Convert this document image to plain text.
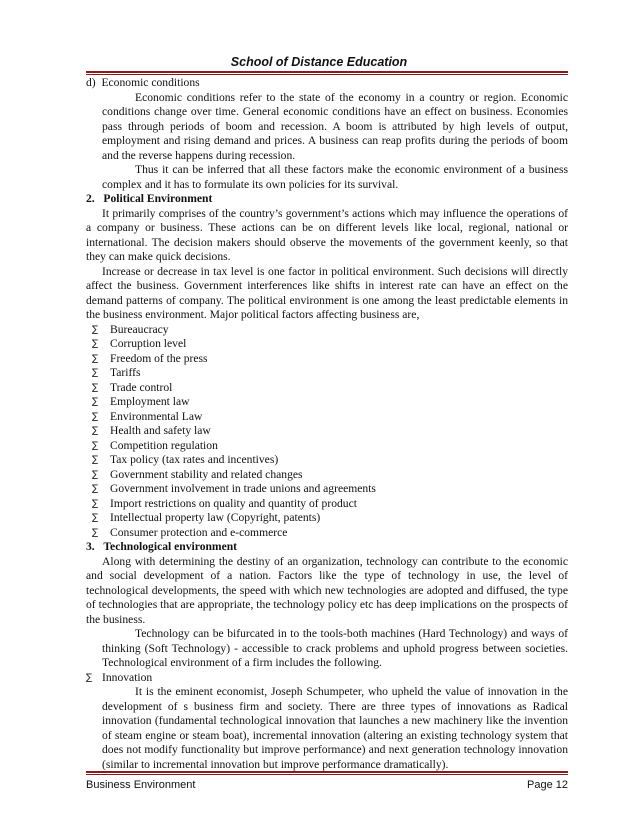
School of Distance Education

d)  Economic conditions

Economic conditions refer to the state of the economy in a country or region. Economic conditions change over time. General economic conditions have an effect on business. Economies pass through periods of boom and recession. A boom is attributed by high levels of output, employment and rising demand and prices. A business can reap profits during the periods of boom and the reverse happens during recession.

Thus it can be inferred that all these factors make the economic environment of a business complex and it has to formulate its own policies for its survival.

2.   Political Environment

It primarily comprises of the country’s government’s actions which may influence the operations of a company or business. These actions can be on different levels like local, regional, national or international. The decision makers should observe the movements of the government keenly, so that they can make quick decisions.

Increase or decrease in tax level is one factor in political environment. Such decisions will directly affect the business. Government interferences like shifts in interest rate can have an effect on the demand patterns of company. The political environment is one among the least predictable elements in the business environment. Major political factors affecting business are,

∑ Bureaucracy
∑ Corruption level
∑ Freedom of the press
∑ Tariffs
∑ Trade control
∑ Employment law
∑ Environmental Law
∑ Health and safety law
∑ Competition regulation
∑ Tax policy (tax rates and incentives)
∑ Government stability and related changes
∑ Government involvement in trade unions and agreements
∑ Import restrictions on quality and quantity of product
∑ Intellectual property law (Copyright, patents)
∑ Consumer protection and e-commerce

3.   Technological environment

Along with determining the destiny of an organization, technology can contribute to the economic and social development of a nation. Factors like the type of technology in use, the level of technological developments, the speed with which new technologies are adopted and diffused, the type of technologies that are appropriate, the technology policy etc has deep implications on the prospects of the business.

Technology can be bifurcated in to the tools-both machines (Hard Technology) and ways of thinking (Soft Technology) - accessible to crack problems and uphold progress between societies. Technological environment of a firm includes the following.

∑ Innovation

It is the eminent economist, Joseph Schumpeter, who upheld the value of innovation in the development of s business firm and society. There are three types of innovations as Radical innovation (fundamental technological innovation that launches a new machinery like the invention of steam engine or steam boat), incremental innovation (altering an existing technology system that does not modify functionality but improve performance) and next generation technology innovation (similar to incremental innovation but improve performance dramatically).

Business Environment	Page 12
